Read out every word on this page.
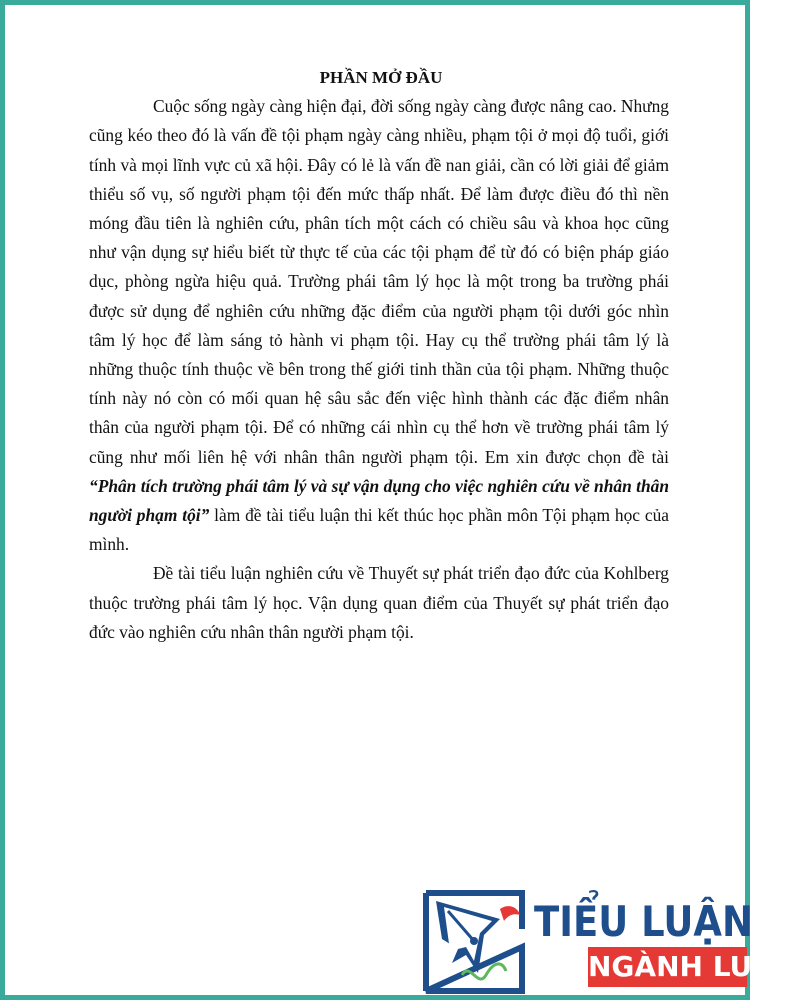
PHẦN MỞ ĐẦU

Cuộc sống ngày càng hiện đại, đời sống ngày càng được nâng cao. Nhưng cũng kéo theo đó là vấn đề tội phạm ngày càng nhiều, phạm tội ở mọi độ tuổi, giới tính và mọi lĩnh vực củ xã hội. Đây có lẻ là vấn đề nan giải, cần có lời giải để giảm thiểu số vụ, số người phạm tội đến mức thấp nhất. Để làm được điều đó thì nền móng đầu tiên là nghiên cứu, phân tích một cách có chiều sâu và khoa học cũng như vận dụng sự hiểu biết từ thực tế của các tội phạm để từ đó có biện pháp giáo dục, phòng ngừa hiệu quả. Trường phái tâm lý học là một trong ba trường phái được sử dụng để nghiên cứu những đặc điểm của người phạm tội dưới góc nhìn tâm lý học để làm sáng tỏ hành vi phạm tội. Hay cụ thể trường phái tâm lý là những thuộc tính thuộc về bên trong thế giới tinh thần của tội phạm. Những thuộc tính này nó còn có mối quan hệ sâu sắc đến việc hình thành các đặc điểm nhân thân của người phạm tội. Để có những cái nhìn cụ thể hơn về trường phái tâm lý cũng như mối liên hệ với nhân thân người phạm tội. Em xin được chọn đề tài “Phân tích trường phái tâm lý và sự vận dụng cho việc nghiên cứu về nhân thân người phạm tội” làm đề tài tiểu luận thi kết thúc học phần môn Tội phạm học của mình.

Đề tài tiểu luận nghiên cứu về Thuyết sự phát triển đạo đức của Kohlberg thuộc trường phái tâm lý học. Vận dụng quan điểm của Thuyết sự phát triển đạo đức vào nghiên cứu nhân thân người phạm tội.

TIỂU LUẬN
NGÀNH LUẬT
